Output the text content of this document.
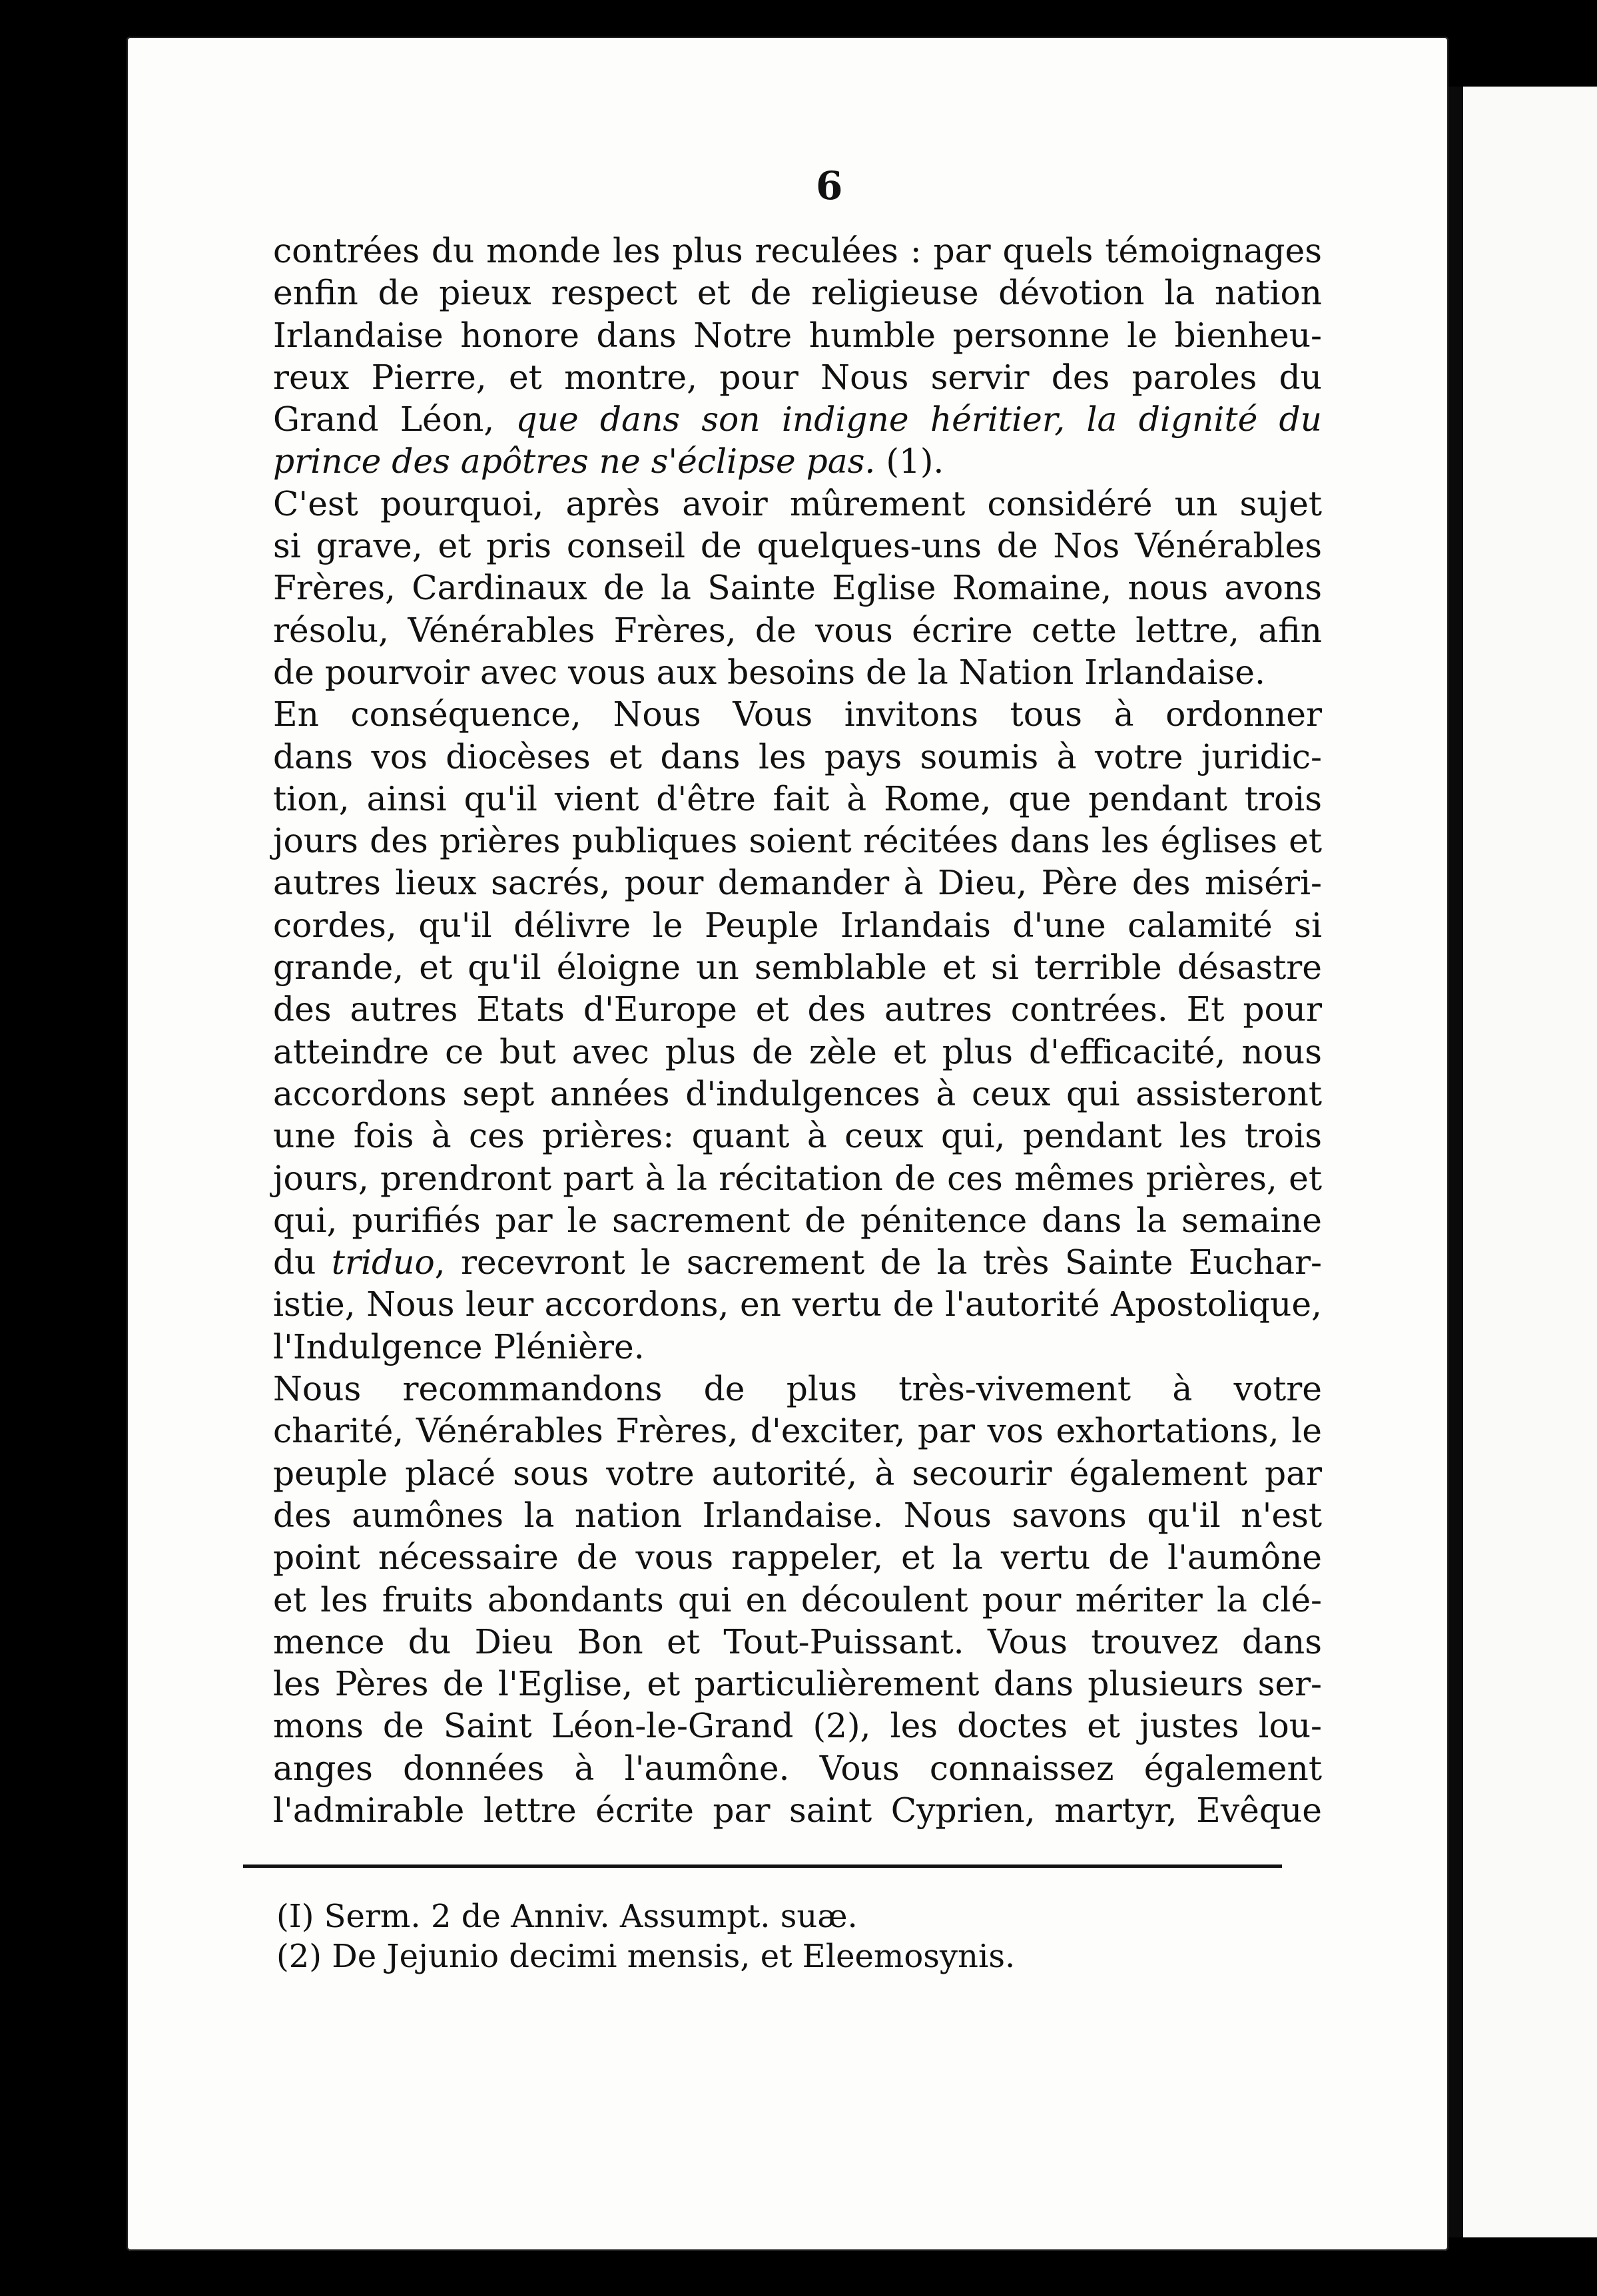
6
contrées du monde les plus reculées : par quels témoignages
enfin de pieux respect et de religieuse dévotion la nation
Irlandaise honore dans Notre humble personne le bienheu-
reux Pierre, et montre, pour Nous servir des paroles du
Grand Léon, que dans son indigne héritier, la dignité du
prince des apôtres ne s'éclipse pas. (1).
C'est pourquoi, après avoir mûrement considéré un sujet
si grave, et pris conseil de quelques-uns de Nos Vénérables
Frères, Cardinaux de la Sainte Eglise Romaine, nous avons
résolu, Vénérables Frères, de vous écrire cette lettre, afin
de pourvoir avec vous aux besoins de la Nation Irlandaise.
En conséquence, Nous Vous invitons tous à ordonner
dans vos diocèses et dans les pays soumis à votre juridic-
tion, ainsi qu'il vient d'être fait à Rome, que pendant trois
jours des prières publiques soient récitées dans les églises et
autres lieux sacrés, pour demander à Dieu, Père des miséri-
cordes, qu'il délivre le Peuple Irlandais d'une calamité si
grande, et qu'il éloigne un semblable et si terrible désastre
des autres Etats d'Europe et des autres contrées. Et pour
atteindre ce but avec plus de zèle et plus d'efficacité, nous
accordons sept années d'indulgences à ceux qui assisteront
une fois à ces prières: quant à ceux qui, pendant les trois
jours, prendront part à la récitation de ces mêmes prières, et
qui, purifiés par le sacrement de pénitence dans la semaine
du triduo, recevront le sacrement de la très Sainte Euchar-
istie, Nous leur accordons, en vertu de l'autorité Apostolique,
l'Indulgence Plénière.
Nous recommandons de plus très-vivement à votre
charité, Vénérables Frères, d'exciter, par vos exhortations, le
peuple placé sous votre autorité, à secourir également par
des aumônes la nation Irlandaise. Nous savons qu'il n'est
point nécessaire de vous rappeler, et la vertu de l'aumône
et les fruits abondants qui en découlent pour mériter la clé-
mence du Dieu Bon et Tout-Puissant. Vous trouvez dans
les Pères de l'Eglise, et particulièrement dans plusieurs ser-
mons de Saint Léon-le-Grand (2), les doctes et justes lou-
anges données à l'aumône. Vous connaissez également
l'admirable lettre écrite par saint Cyprien, martyr, Evêque
(I) Serm. 2 de Anniv. Assumpt. suæ.
(2) De Jejunio decimi mensis, et Eleemosynis.
